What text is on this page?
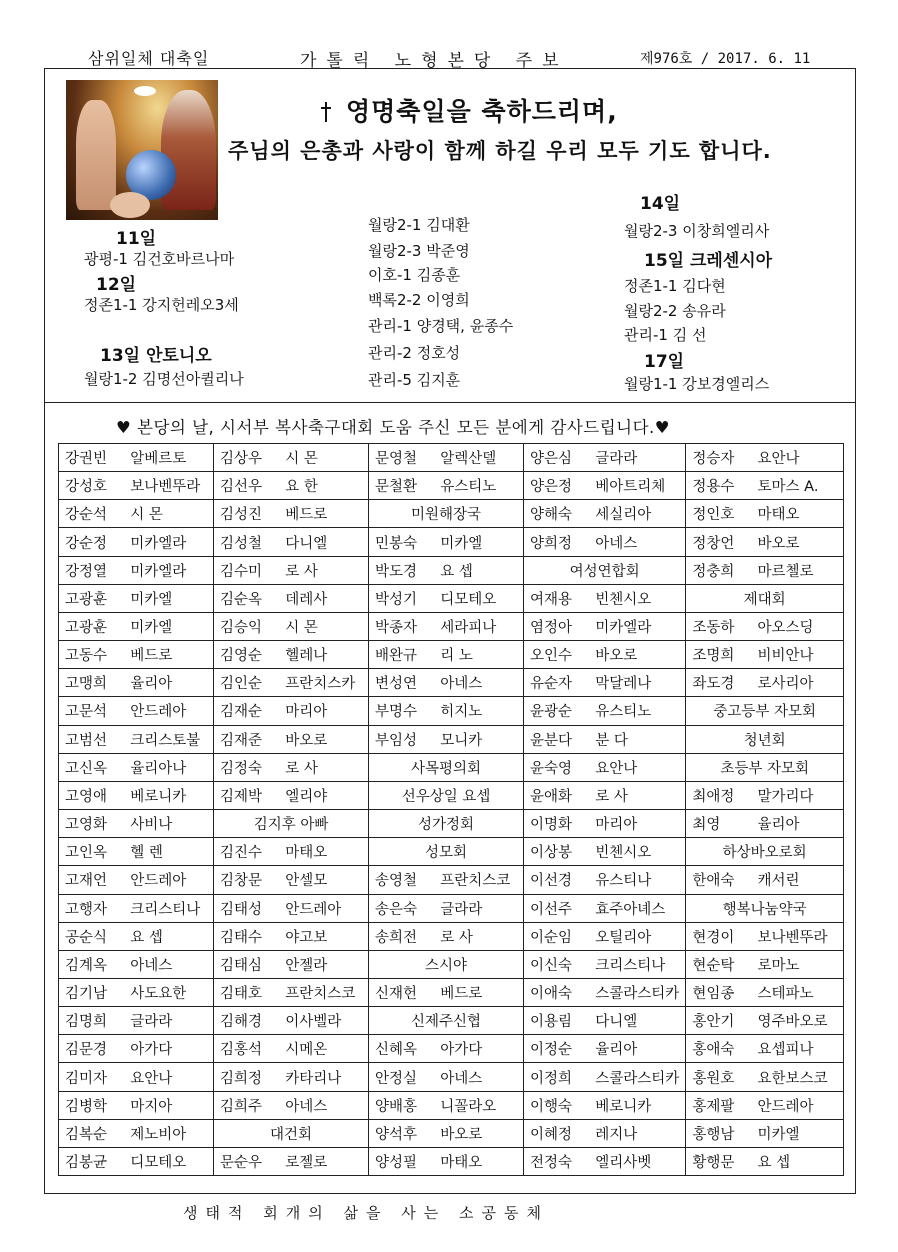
삼위일체 대축일	가톨릭 노형본당 주보	제976호 / 2017. 6. 11
영명축일을 축하드리며,
주님의 은총과 사랑이 함께 하길 우리 모두 기도 합니다.
11일
광평-1 김건호바르나마
12일
정존1-1 강지헌레오3세
13일 안토니오
월랑1-2 김명선아퀼리나
월랑2-1 김대환
월랑2-3 박준영
이호-1 김종훈
백록2-2 이영희
관리-1 양경택, 윤종수
관리-2 정호성
관리-5 김지훈
14일
월랑2-3 이창희엘리사
15일 크레센시아
정존1-1 김다현
월랑2-2 송유라
관리-1 김 선
17일
월랑1-1 강보경엘리스
♥ 본당의 날, 시서부 복사축구대회 도움 주신 모든 분에게 감사드립니다.♥
강권빈 알베르토	김상우 시 몬	문영철 알렉산델	양은심 글라라	정승자 요안나
강성호 보나벤뚜라	김선우 요 한	문철환 유스티노	양은정 베아트리체	정용수 토마스 A.
강순석 시 몬	김성진 베드로	미원해장국	양해숙 세실리아	정인호 마태오
강순정 미카엘라	김성철 다니엘	민봉숙 미카엘	양희정 아네스	정창언 바오로
강정열 미카엘라	김수미 로 사	박도경 요 셉	여성연합회	정충희 마르첼로
고광훈 미카엘	김순옥 데레사	박성기 디모테오	여재용 빈첸시오	제대회
고광훈 미카엘	김승익 시 몬	박종자 세라피나	염정아 미카엘라	조동하 아오스딩
고동수 베드로	김영순 헬레나	배완규 리 노	오인수 바오로	조명희 비비안나
고맹희 율리아	김인순 프란치스카	변성연 아네스	유순자 막달레나	좌도경 로사리아
고문석 안드레아	김재순 마리아	부명수 히지노	윤광순 유스티노	중고등부 자모회
고범선 크리스토불	김재준 바오로	부임성 모니카	윤분다 분 다	청년회
고신옥 율리아나	김정숙 로 사	사목평의회	윤숙영 요안나	초등부 자모회
고영애 베로니카	김제박 엘리야	선우상일 요셉	윤애화 로 사	최애정 말가리다
고영화 사비나	김지후 아빠	성가정회	이명화 마리아	최영 율리아
고인옥 헬 렌	김진수 마태오	성모회	이상봉 빈첸시오	하상바오로회
고재언 안드레아	김창문 안셀모	송영철 프란치스코	이선경 유스티나	한애숙 캐서린
고행자 크리스티나	김태성 안드레아	송은숙 글라라	이선주 효주아녜스	행복나눔약국
공순식 요 셉	김태수 야고보	송희전 로 사	이순임 오틸리아	현경이 보나벤뚜라
김계옥 아네스	김태심 안젤라	스시야	이신숙 크리스티나	현순탁 로마노
김기남 사도요한	김태호 프란치스코	신재헌 베드로	이애숙 스콜라스티카	현임종 스테파노
김명희 글라라	김해경 이사벨라	신제주신협	이용림 다니엘	홍안기 영주바오로
김문경 아가다	김홍석 시메온	신혜옥 아가다	이정순 율리아	홍애숙 요셉피나
김미자 요안나	김희정 카타리나	안정실 아네스	이정희 스콜라스티카	홍원호 요한보스코
김병학 마지아	김희주 아네스	양배홍 니꼴라오	이행숙 베로니카	홍제팔 안드레아
김복순 제노비아	대건회	양석후 바오로	이혜정 레지나	홍행남 미카엘
김봉균 디모테오	문순우 로젤로	양성필 마태오	전정숙 엘리사벳	황행문 요 셉
생태적 회개의 삶을 사는 소공동체
